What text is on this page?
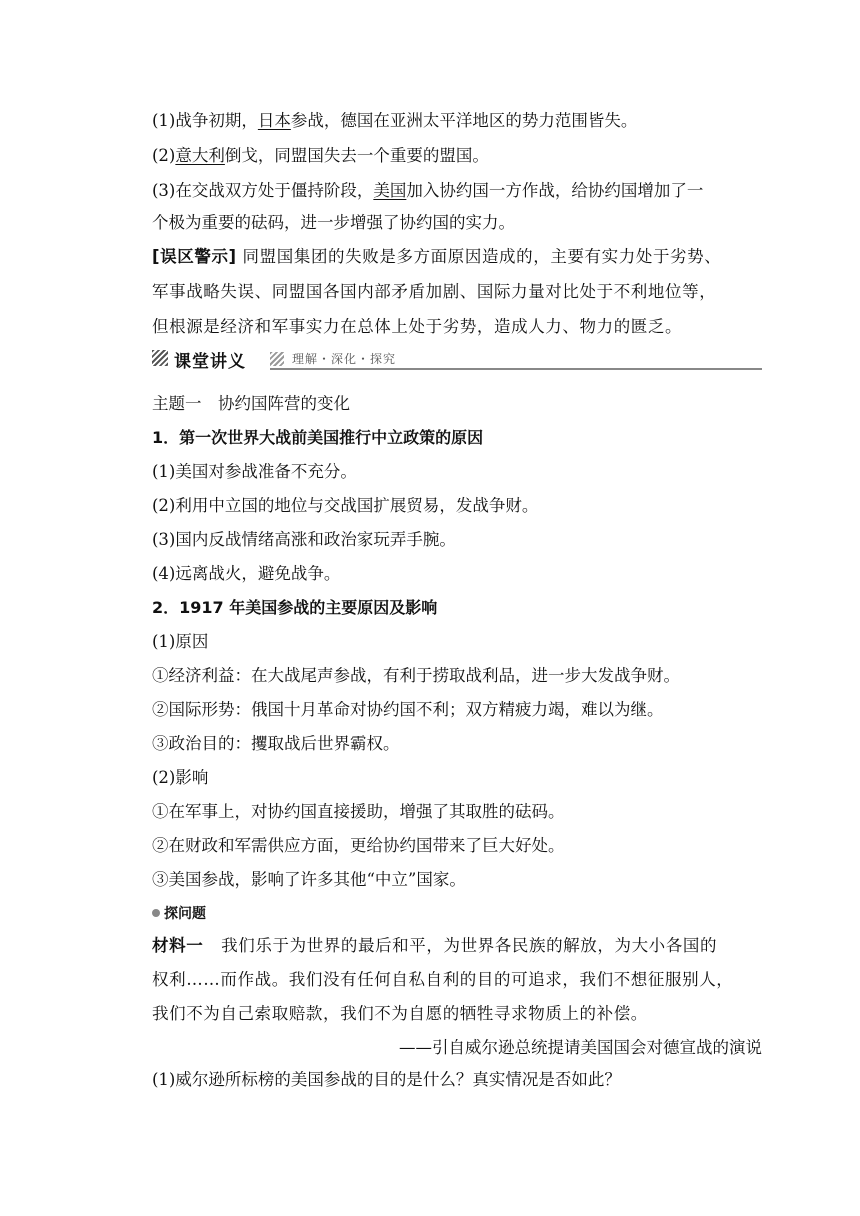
(1)战争初期，日本参战，德国在亚洲太平洋地区的势力范围皆失。
(2)意大利倒戈，同盟国失去一个重要的盟国。
(3)在交战双方处于僵持阶段，美国加入协约国一方作战，给协约国增加了一
个极为重要的砝码，进一步增强了协约国的实力。
[误区警示] 同盟国集团的失败是多方面原因造成的，主要有实力处于劣势、
军事战略失误、同盟国各国内部矛盾加剧、国际力量对比处于不利地位等，
但根源是经济和军事实力在总体上处于劣势，造成人力、物力的匮乏。
课堂讲义	理解・深化・探究
主题一　协约国阵营的变化
1．第一次世界大战前美国推行中立政策的原因
(1)美国对参战准备不充分。
(2)利用中立国的地位与交战国扩展贸易，发战争财。
(3)国内反战情绪高涨和政治家玩弄手腕。
(4)远离战火，避免战争。
2．1917 年美国参战的主要原因及影响
(1)原因
①经济利益：在大战尾声参战，有利于捞取战利品，进一步大发战争财。
②国际形势：俄国十月革命对协约国不利；双方精疲力竭，难以为继。
③政治目的：攫取战后世界霸权。
(2)影响
①在军事上，对协约国直接援助，增强了其取胜的砝码。
②在财政和军需供应方面，更给协约国带来了巨大好处。
③美国参战，影响了许多其他“中立”国家。
探问题
材料一 我们乐于为世界的最后和平，为世界各民族的解放，为大小各国的
权利……而作战。我们没有任何自私自利的目的可追求，我们不想征服别人，
我们不为自己索取赔款，我们不为自愿的牺牲寻求物质上的补偿。
——引自威尔逊总统提请美国国会对德宣战的演说
(1)威尔逊所标榜的美国参战的目的是什么？真实情况是否如此？
